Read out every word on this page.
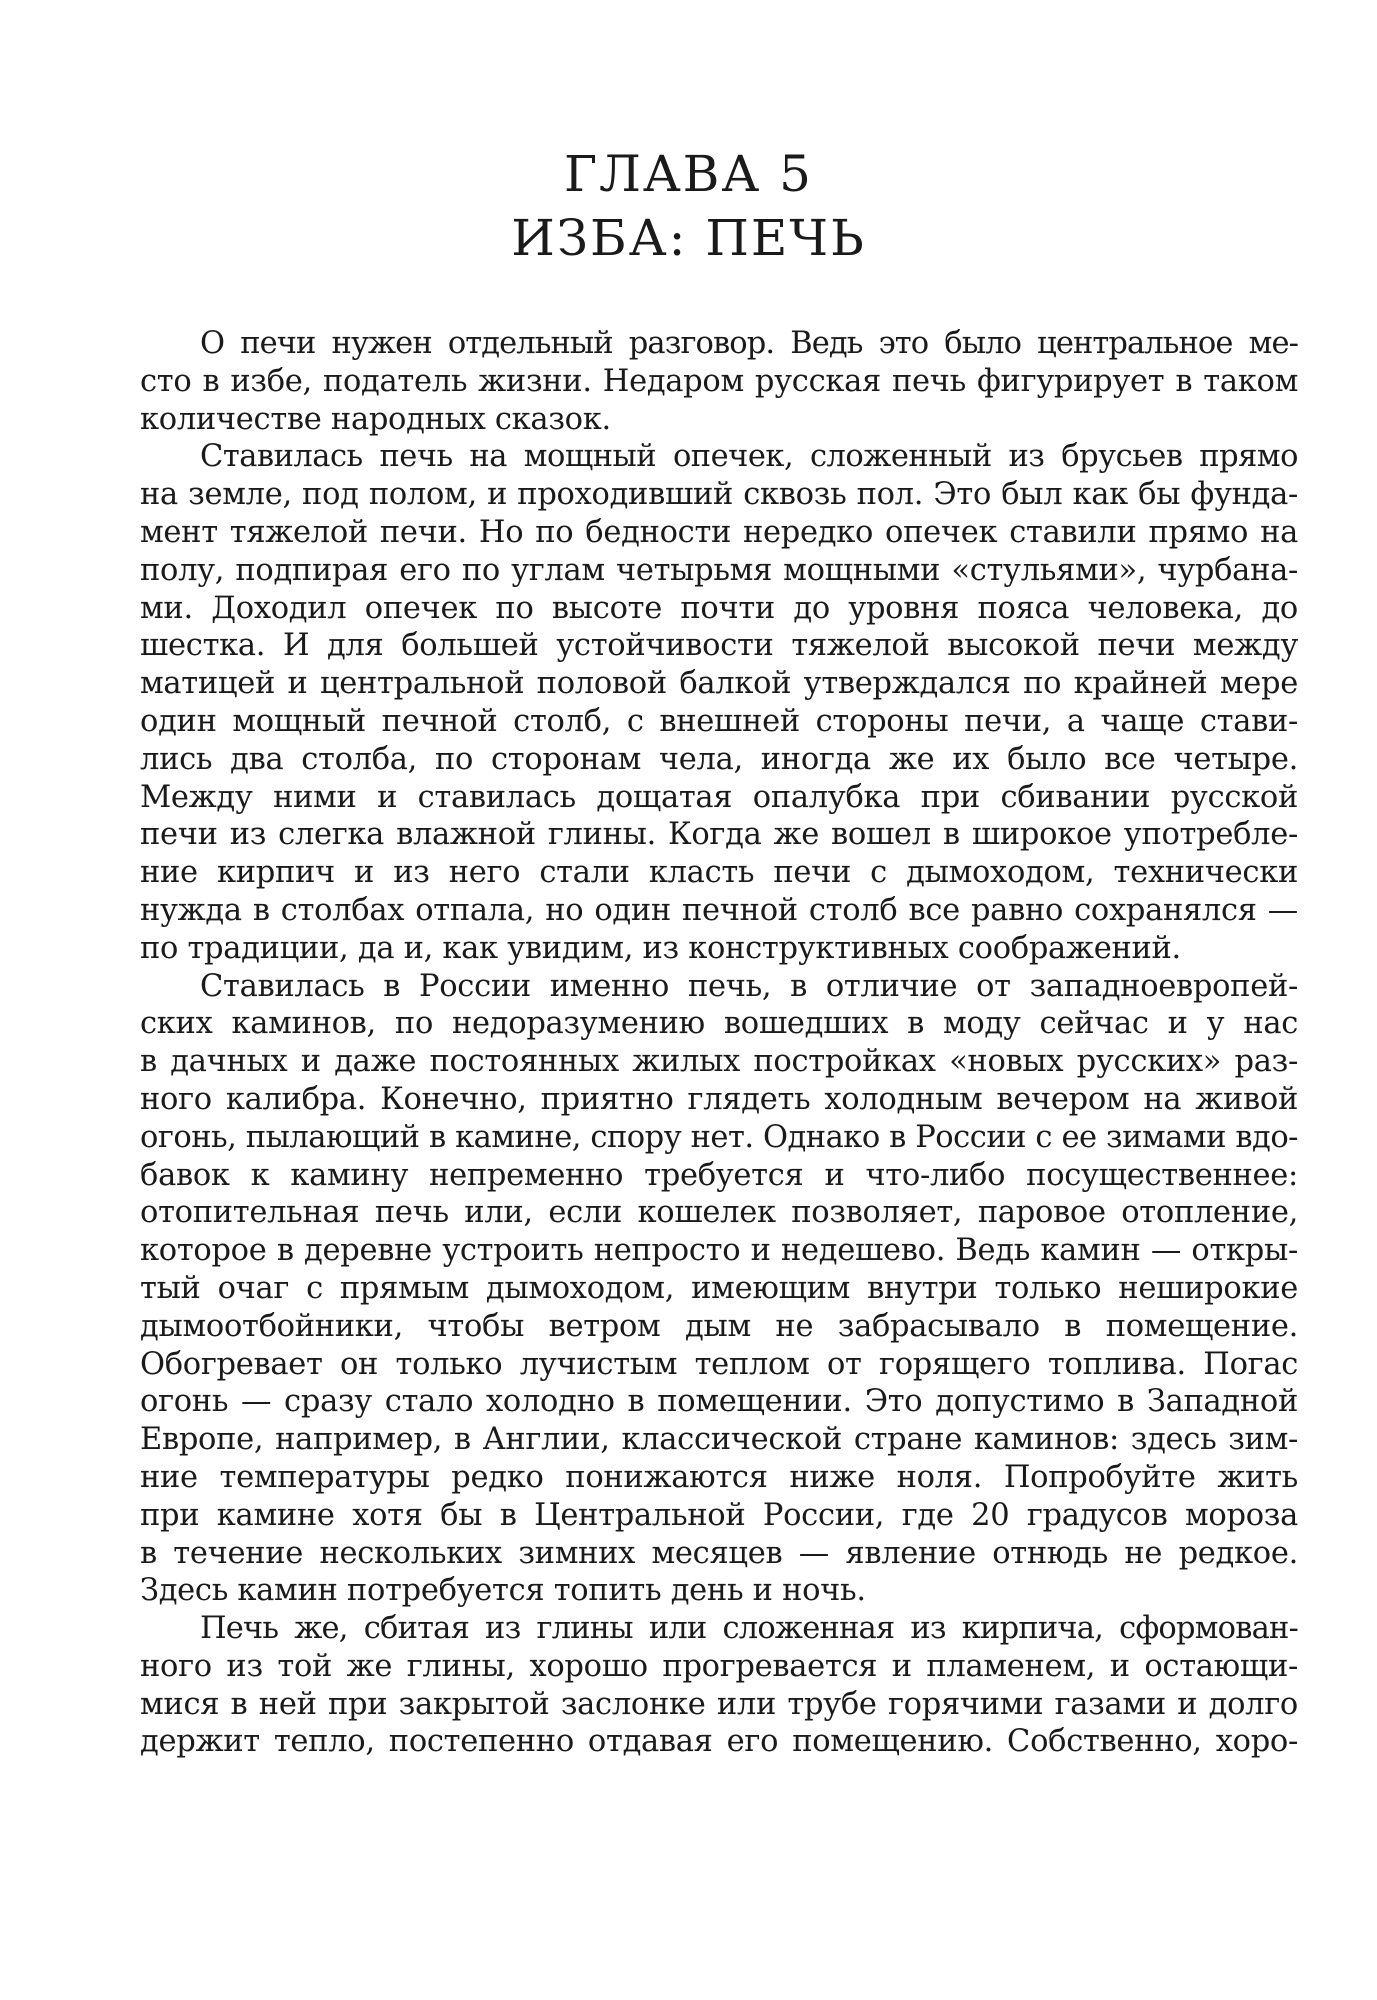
ГЛАВА 5
ИЗБА: ПЕЧЬ

О печи нужен отдельный разговор. Ведь это было центральное ме-
сто в избе, податель жизни. Недаром русская печь фигурирует в таком
количестве народных сказок.

Ставилась печь на мощный опечек, сложенный из брусьев прямо
на земле, под полом, и проходивший сквозь пол. Это был как бы фунда-
мент тяжелой печи. Но по бедности нередко опечек ставили прямо на
полу, подпирая его по углам четырьмя мощными «стульями», чурбана-
ми. Доходил опечек по высоте почти до уровня пояса человека, до
шестка. И для большей устойчивости тяжелой высокой печи между
матицей и центральной половой балкой утверждался по крайней мере
один мощный печной столб, с внешней стороны печи, а чаще стави-
лись два столба, по сторонам чела, иногда же их было все четыре.
Между ними и ставилась дощатая опалубка при сбивании русской
печи из слегка влажной глины. Когда же вошел в широкое употребле-
ние кирпич и из него стали класть печи с дымоходом, технически
нужда в столбах отпала, но один печной столб все равно сохранялся —
по традиции, да и, как увидим, из конструктивных соображений.

Ставилась в России именно печь, в отличие от западноевропей-
ских каминов, по недоразумению вошедших в моду сейчас и у нас
в дачных и даже постоянных жилых постройках «новых русских» раз-
ного калибра. Конечно, приятно глядеть холодным вечером на живой
огонь, пылающий в камине, спору нет. Однако в России с ее зимами вдо-
бавок к камину непременно требуется и что-либо посущественнее:
отопительная печь или, если кошелек позволяет, паровое отопление,
которое в деревне устроить непросто и недешево. Ведь камин — откры-
тый очаг с прямым дымоходом, имеющим внутри только неширокие
дымоотбойники, чтобы ветром дым не забрасывало в помещение.
Обогревает он только лучистым теплом от горящего топлива. Погас
огонь — сразу стало холодно в помещении. Это допустимо в Западной
Европе, например, в Англии, классической стране каминов: здесь зим-
ние температуры редко понижаются ниже ноля. Попробуйте жить
при камине хотя бы в Центральной России, где 20 градусов мороза
в течение нескольких зимних месяцев — явление отнюдь не редкое.
Здесь камин потребуется топить день и ночь.

Печь же, сбитая из глины или сложенная из кирпича, сформован-
ного из той же глины, хорошо прогревается и пламенем, и остающи-
мися в ней при закрытой заслонке или трубе горячими газами и долго
держит тепло, постепенно отдавая его помещению. Собственно, хоро-
